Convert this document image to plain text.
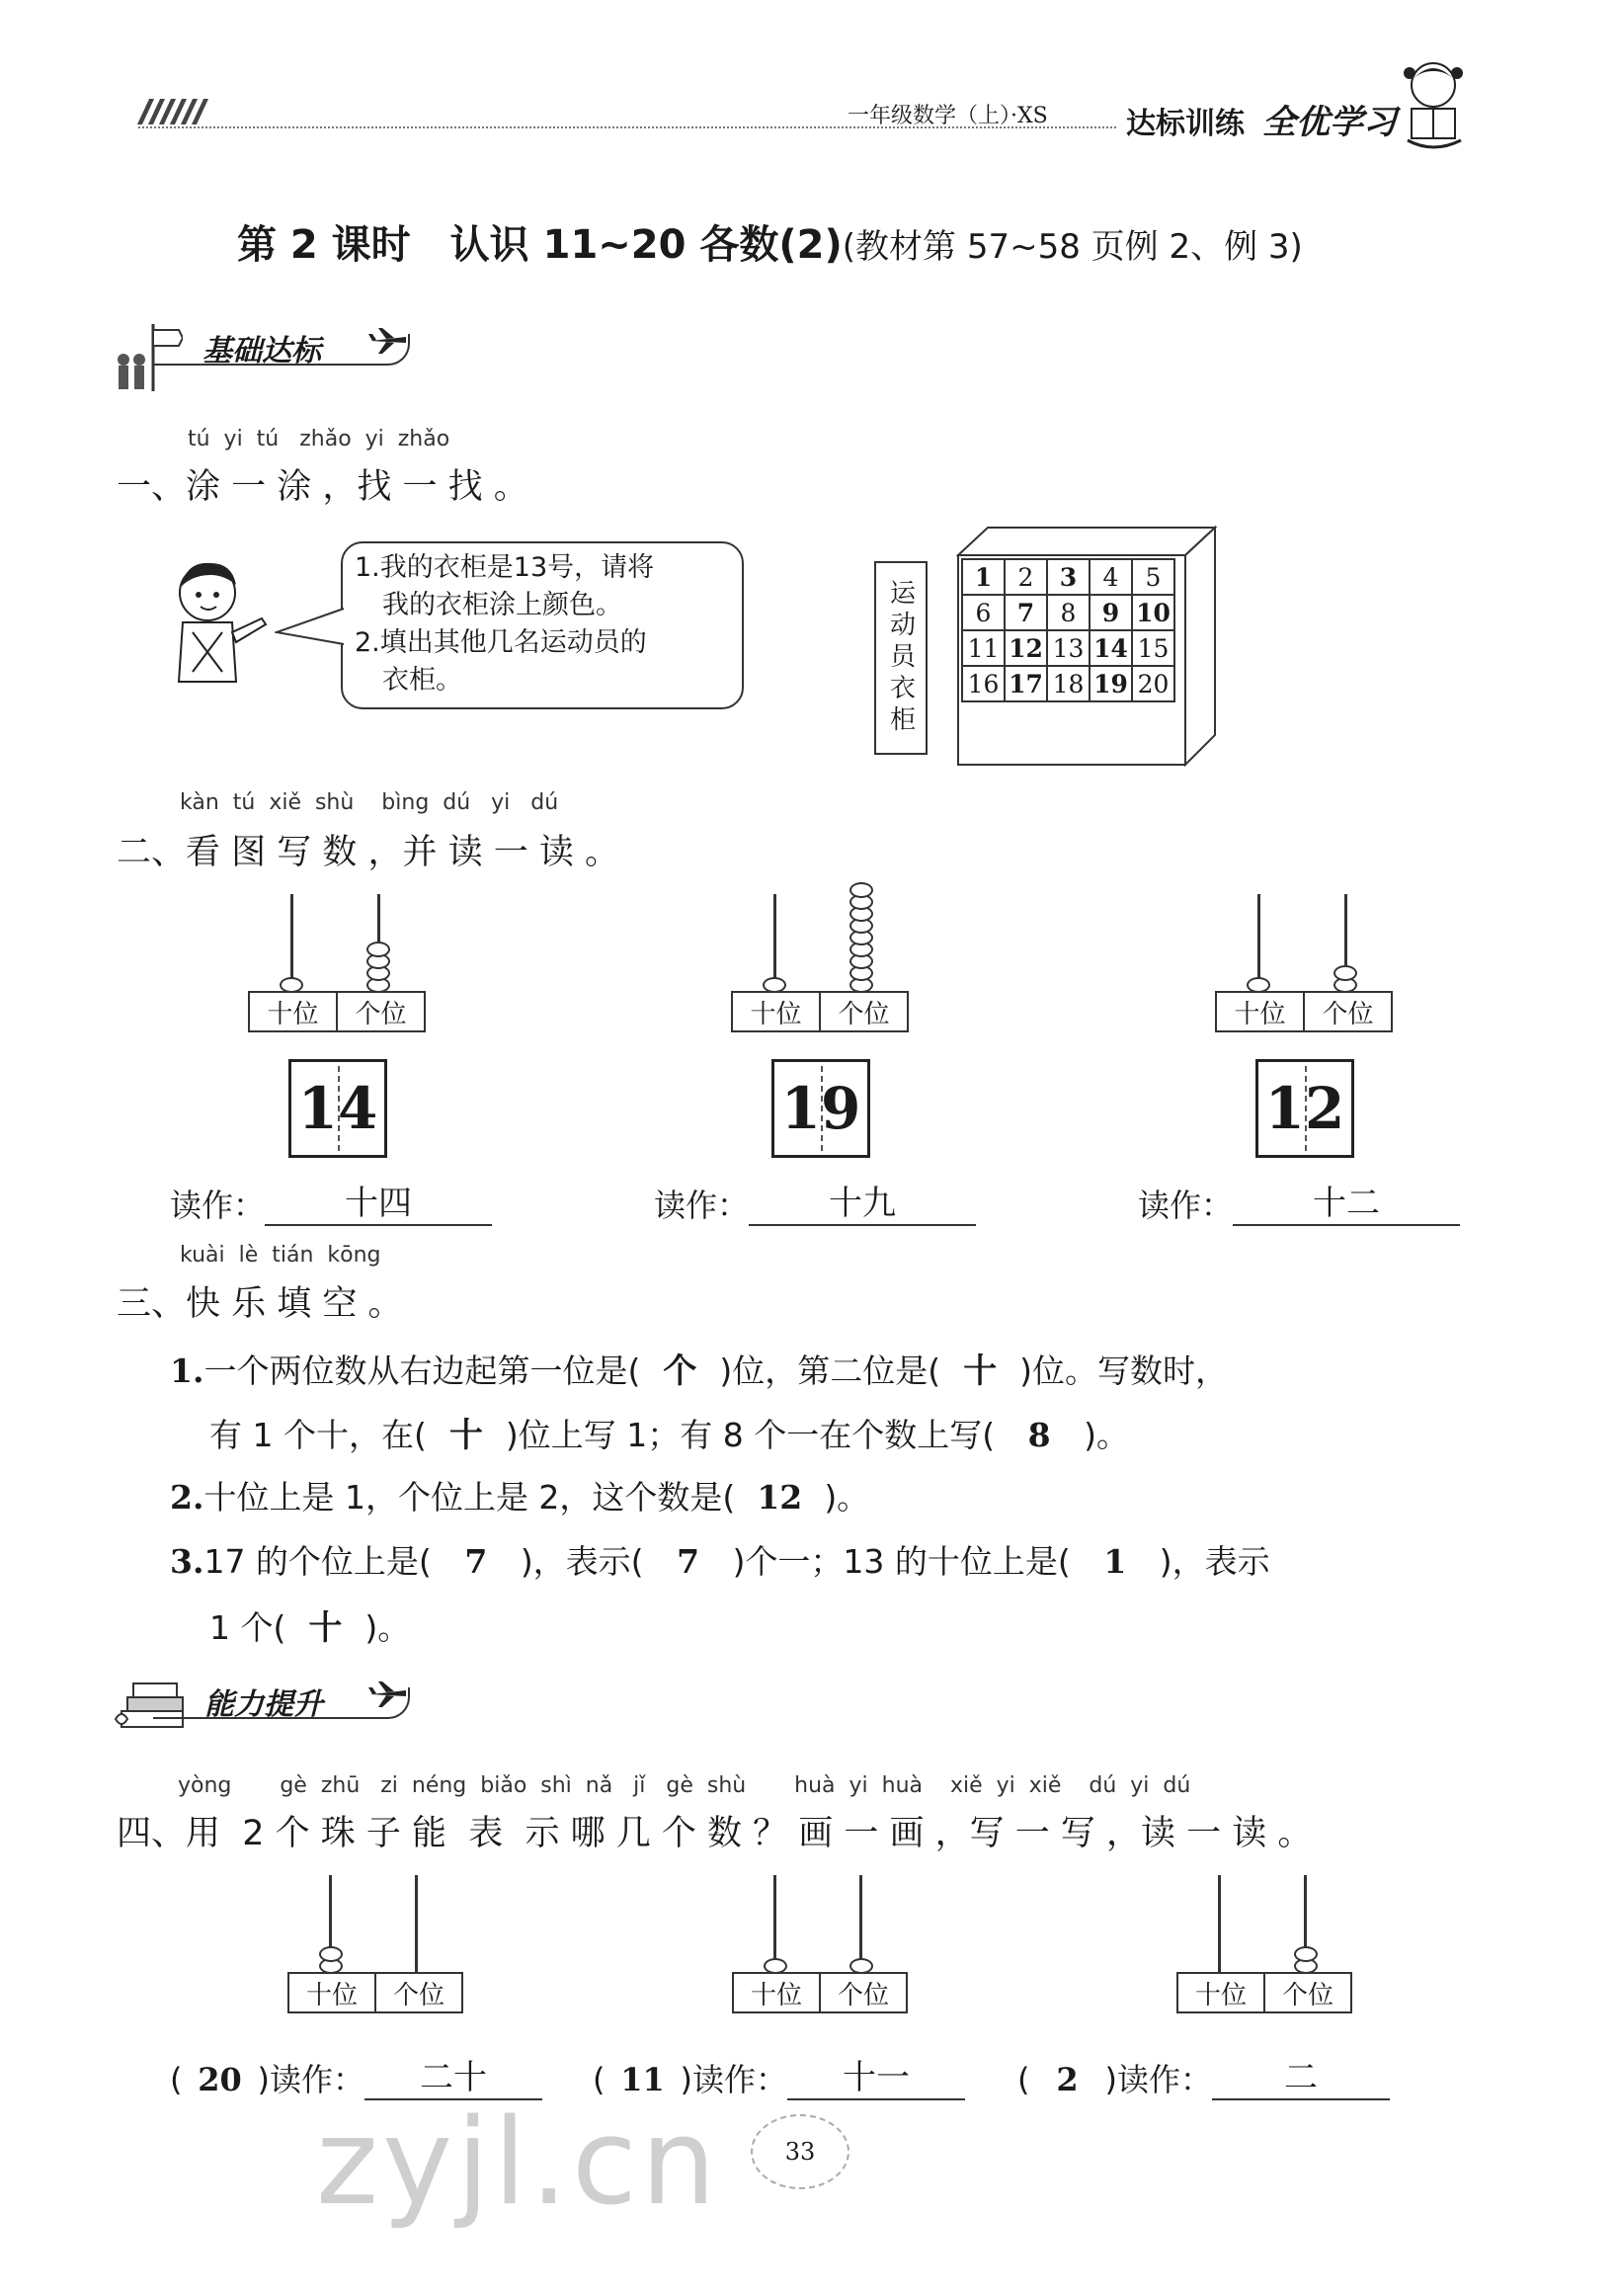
一年级数学（上）·XS	达标训练 全优学习
第 2 课时　认识 11~20 各数(2)(教材第 57~58 页例 2、例 3)
基础达标
tú  yi  tú   zhǎo  yi  zhǎo
一、涂 一 涂 ，找 一 找 。
1.我的衣柜是13号，请将
我的衣柜涂上颜色。
2.填出其他几名运动员的
衣柜。	运动员衣柜
1	2	3	4	5
6	7	8	9 10
11 12 13 14 15
16 17 18 19 20
kàn  tú  xiě  shù    bìng  dú   yi   dú
二、看 图 写 数 ，并 读 一 读 。
十位	个位
14
读作： 十四
十位	个位
19
读作： 十九
十位	个位
12
读作： 十二
kuài  lè  tián  kōng
三、快 乐 填 空 。
1.一个两位数从右边起第一位是( 个 )位，第二位是( 十 )位。写数时，
有 1 个十，在( 十 )位上写 1；有 8 个一在个数上写( 8 )。
2.十位上是 1，个位上是 2，这个数是( 12 )。
3.17 的个位上是( 7 )，表示( 7 )个一；13 的十位上是( 1 )，表示
1 个( 十 )。
能力提升
yòng       gè  zhū   zi  néng  biǎo  shì  nǎ   jǐ   gè  shù       huà  yi  huà    xiě  yi  xiě    dú  yi  dú
四、用  2 个 珠 子 能  表  示 哪 几 个 数 ？ 画 一 画 ，写 一 写 ，读 一 读 。
十位	个位
( 20 )读作： 二十
十位	个位
( 11 )读作： 十一
十位	个位
( 2 )读作： 二
zyjl.cn	33
